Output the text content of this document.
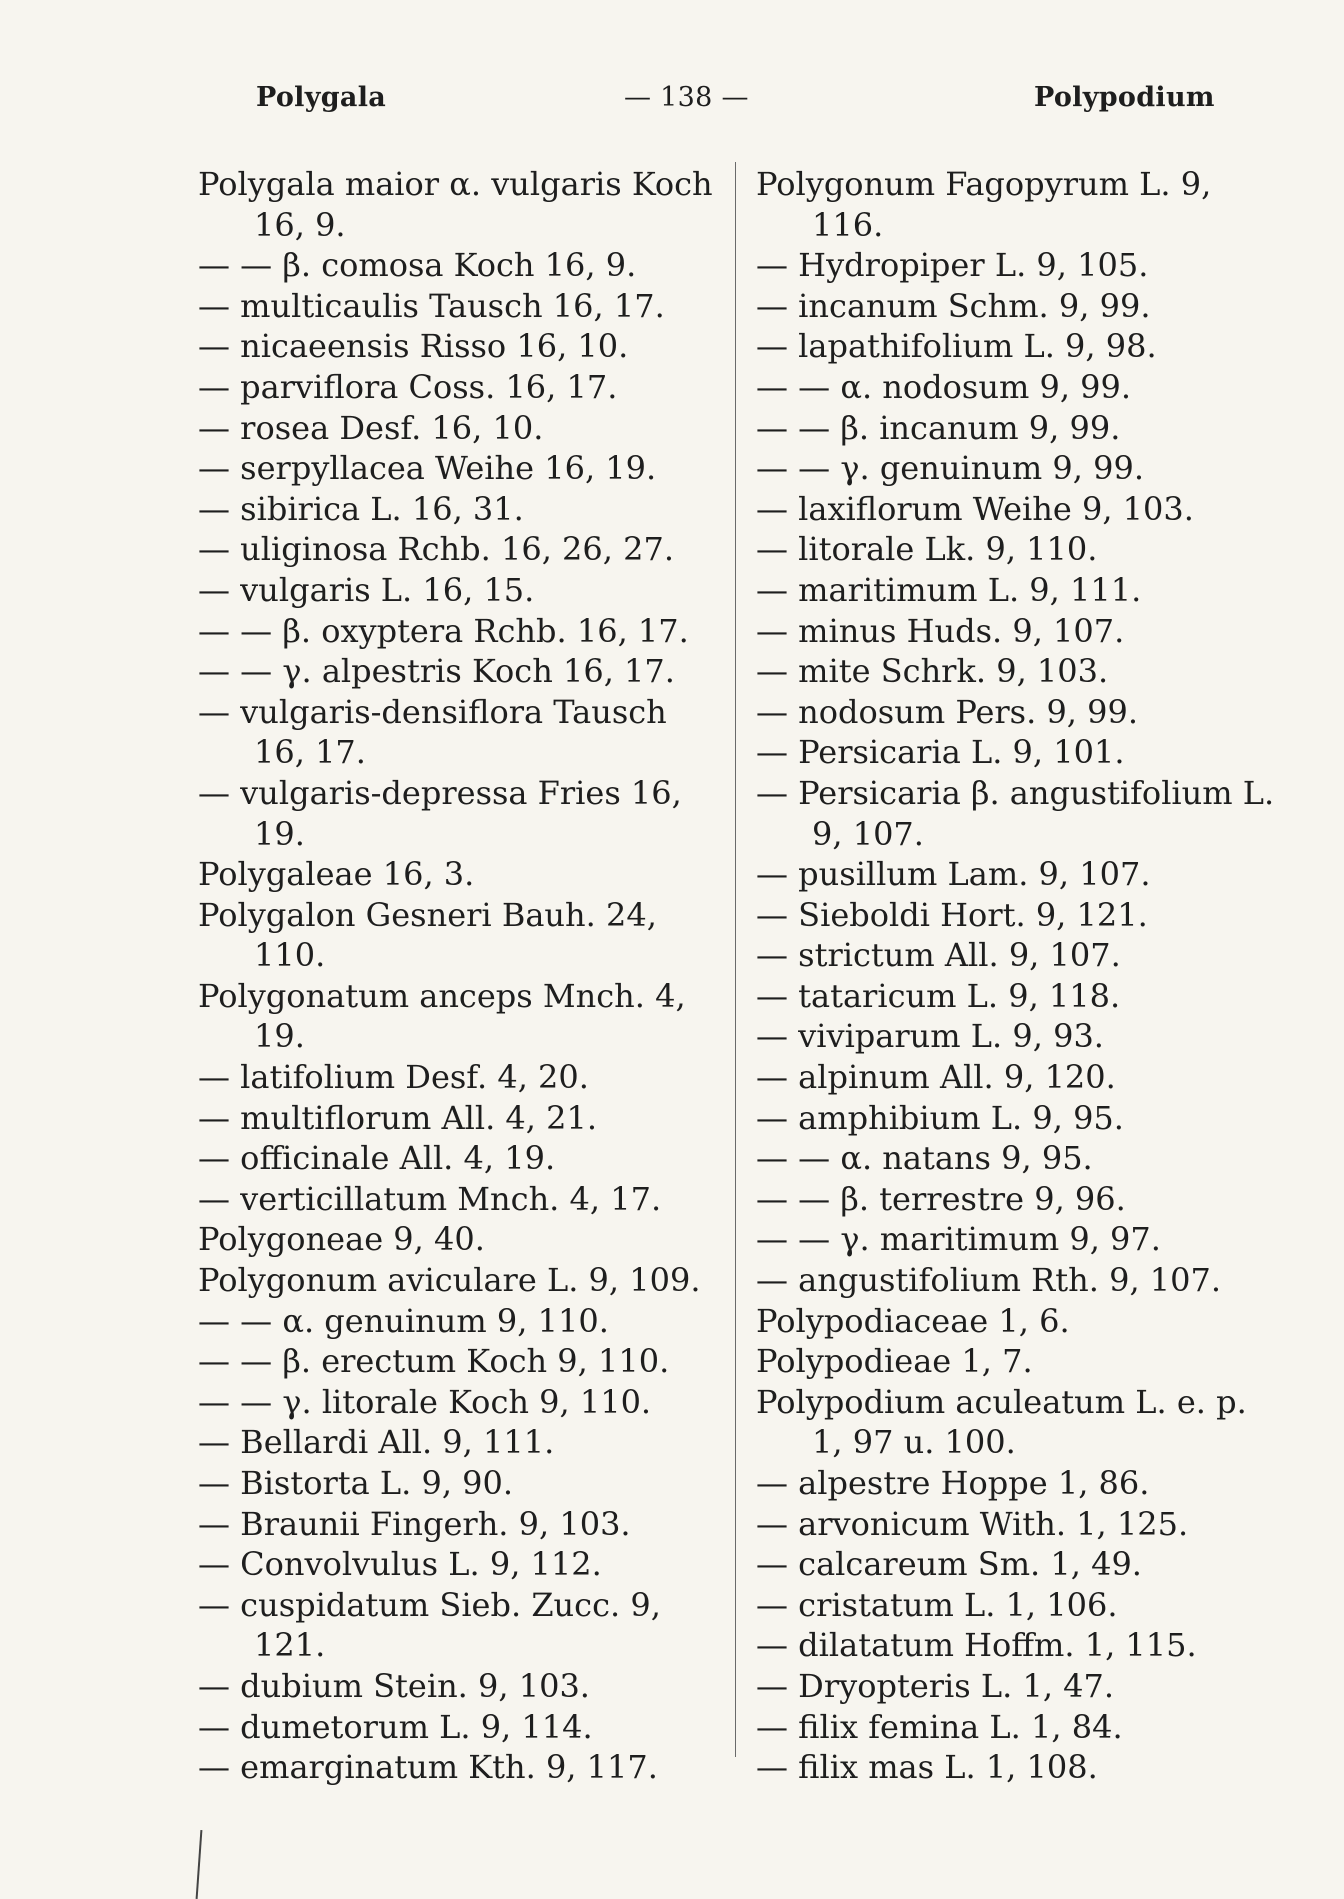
Polygala	— 138 —	Polypodium
Polygala maior α. vulgaris Koch
16, 9.
— — β. comosa Koch 16, 9.
— multicaulis Tausch 16, 17.
— nicaeensis Risso 16, 10.
— parviflora Coss. 16, 17.
— rosea Desf. 16, 10.
— serpyllacea Weihe 16, 19.
— sibirica L. 16, 31.
— uliginosa Rchb. 16, 26, 27.
— vulgaris L. 16, 15.
— — β. oxyptera Rchb. 16, 17.
— — γ. alpestris Koch 16, 17.
— vulgaris-densiflora Tausch
16, 17.
— vulgaris-depressa Fries 16,
19.
Polygaleae 16, 3.
Polygalon Gesneri Bauh. 24,
110.
Polygonatum anceps Mnch. 4,
19.
— latifolium Desf. 4, 20.
— multiflorum All. 4, 21.
— officinale All. 4, 19.
— verticillatum Mnch. 4, 17.
Polygoneae 9, 40.
Polygonum aviculare L. 9, 109.
— — α. genuinum 9, 110.
— — β. erectum Koch 9, 110.
— — γ. litorale Koch 9, 110.
— Bellardi All. 9, 111.
— Bistorta L. 9, 90.
— Braunii Fingerh. 9, 103.
— Convolvulus L. 9, 112.
— cuspidatum Sieb. Zucc. 9,
121.
— dubium Stein. 9, 103.
— dumetorum L. 9, 114.
— emarginatum Kth. 9, 117.
Polygonum Fagopyrum L. 9,
116.
— Hydropiper L. 9, 105.
— incanum Schm. 9, 99.
— lapathifolium L. 9, 98.
— — α. nodosum 9, 99.
— — β. incanum 9, 99.
— — γ. genuinum 9, 99.
— laxiflorum Weihe 9, 103.
— litorale Lk. 9, 110.
— maritimum L. 9, 111.
— minus Huds. 9, 107.
— mite Schrk. 9, 103.
— nodosum Pers. 9, 99.
— Persicaria L. 9, 101.
— Persicaria β. angustifolium L.
9, 107.
— pusillum Lam. 9, 107.
— Sieboldi Hort. 9, 121.
— strictum All. 9, 107.
— tataricum L. 9, 118.
— viviparum L. 9, 93.
— alpinum All. 9, 120.
— amphibium L. 9, 95.
— — α. natans 9, 95.
— — β. terrestre 9, 96.
— — γ. maritimum 9, 97.
— angustifolium Rth. 9, 107.
Polypodiaceae 1, 6.
Polypodieae 1, 7.
Polypodium aculeatum L. e. p.
1, 97 u. 100.
— alpestre Hoppe 1, 86.
— arvonicum With. 1, 125.
— calcareum Sm. 1, 49.
— cristatum L. 1, 106.
— dilatatum Hoffm. 1, 115.
— Dryopteris L. 1, 47.
— filix femina L. 1, 84.
— filix mas L. 1, 108.
